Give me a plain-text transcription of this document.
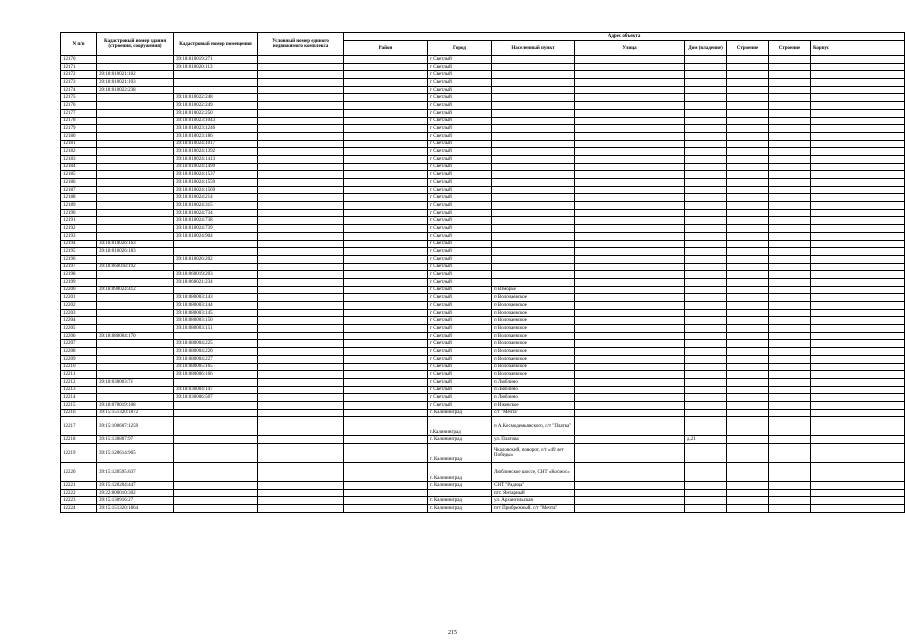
N п/п	Кадастровый номер здания (строения, сооружения)	Кадастровый номер помещения	Условный номер единого недвижимого комплекса	Адрес объекта							
				Район	Город	Населенный пункт	Улица	Дом (владение)	Строение	Строение	Корпус
12170		39:18:010019:271			г Светлый						
12171		39:18:010020:113			г Светлый						
12172	39:18:010021:102				г Светлый						
12173	39:18:010021:103				г Светлый						
12174	39:18:010022:238				г Светлый						
12175		39:18:010022:248			г Светлый						
12176		39:18:010022:249			г Светлый						
12177		39:18:010022:250			г Светлый						
12178		39:18:010023:1043			г Светлый						
12179		39:18:010023:1246			г Светлый						
12180		39:18:010023:186			г Светлый						
12181		39:18:010024:1017			г Светлый						
12182		39:18:010024:1392			г Светлый						
12183		39:18:010024:1413			г Светлый						
12184		39:18:010024:1499			г Светлый						
12185		39:18:010024:1537			г Светлый						
12186		39:18:010024:1559			г Светлый						
12187		39:18:010024:1569			г Светлый						
12188		39:18:010024:214			г Светлый						
12189		39:18:010024:315			г Светлый						
12190		39:18:010024:734			г Светлый						
12191		39:18:010024:738			г Светлый						
12192		39:18:010024:739			г Светлый						
12193		39:18:010024:904			г Светлый						
12194	39:18:010026:163				г Светлый						
12195	39:18:010026:183				г Светлый						
12196		39:18:010026:202			г Светлый						
12197	39:18:060018:192				г Светлый						
12198		39:18:060019:203			г Светлый						
12199		39:18:060021:234			г Светлый						
12200	39:18:090024:412				г Светлый	п Взморье					
12201		39:18:080003:143			г Светлый	п Волочаевское					
12202		39:18:080003:144			г Светлый	п Волочаевское					
12203		39:18:080003:145			г Светлый	п Волочаевское					
12204		39:18:080003:150			г Светлый	п Волочаевское					
12205		39:18:080003:151			г Светлый	п Волочаевское					
12206	39:18:080004:170				г Светлый	п Волочаевское					
12207		39:18:080004:225			г Светлый	п Волочаевское					
12208		39:18:080004:226			г Светлый	п Волочаевское					
12209		39:18:080004:227			г Светлый	п Волочаевское					
12210		39:18:080005:165			г Светлый	п Волочаевское					
12211		39:18:080006:166			г Светлый	п Волочаевское					
12212	39:18:030003:71				г Светлый	п Люблино					
12213		39:18:030004:147			г Светлый	п Люблино					
12214		39:18:030006:507			г Светлый	п Люблино					
12215	39:18:070019:108				г Светлый	п Ижевское					
12216	39:15:151320:1872				г. Калининград	с/т "Мечта"					
12217	39:15:100607:1259				г.Калининград	п А.Космодемьянского, с/т "Платка"					
12218	39:15:130807:97				г. Калининград	ул. Платова		д.21			
12219	39:15:120614:965				г. Калининград	Чкаловский, поворот, с/т «49 лет Победы»					
12220	39:15:120595:637				г. Калининград	Люблинское шоссе, СНТ «Космос»					
12221	39:15:120204:447				г. Калининград	СНТ "Радица"					
12222	39:22:000010:302					пгт. Янтарный					
12223	39:15:130916:27				г. Калининград	ул. Архангельская					
12224	39:15:151320:1864				г. Калининград	пгт Прибрежный. с/т "Мечта"					
215
